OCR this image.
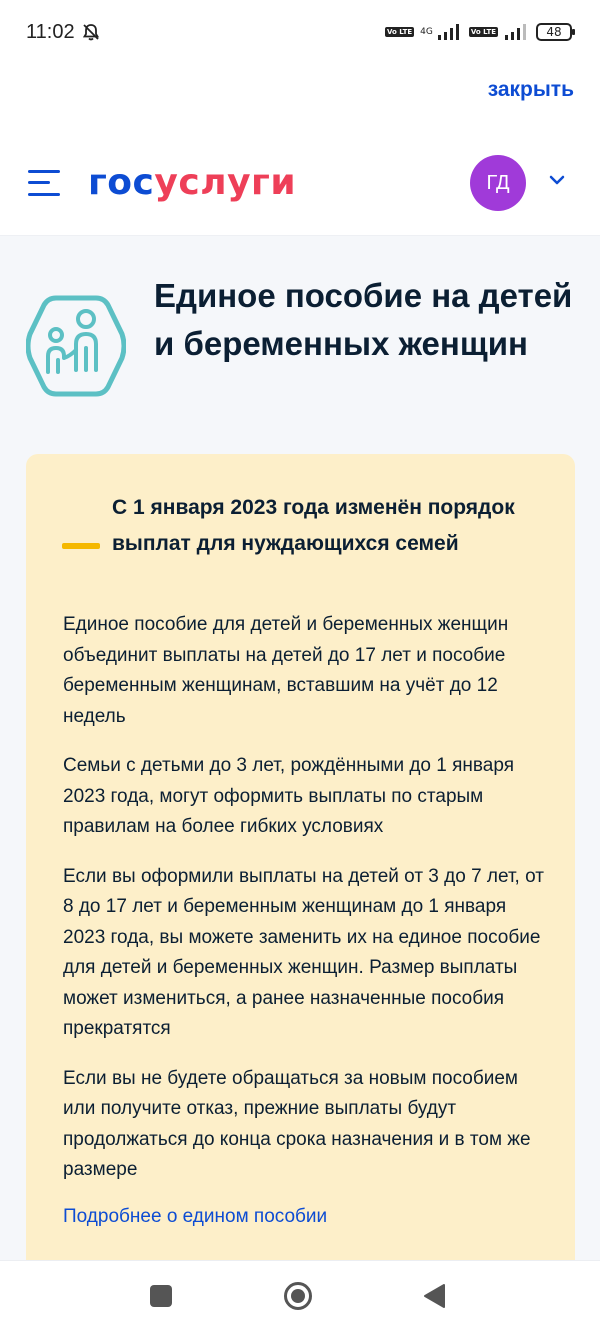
11:02	Vo LTE 4G	Vo LTE	48
закрыть
госуслуги	ГД
Единое пособие на детей и беременных женщин
С 1 января 2023 года изменён порядок выплат для нуждающихся семей

Единое пособие для детей и беременных женщин объединит выплаты на детей до 17 лет и пособие беременным женщинам, вставшим на учёт до 12 недель

Семьи с детьми до 3 лет, рождёнными до 1 января 2023 года, могут оформить выплаты по старым правилам на более гибких условиях

Если вы оформили выплаты на детей от 3 до 7 лет, от 8 до 17 лет и беременным женщинам до 1 января 2023 года, вы можете заменить их на единое пособие для детей и беременных женщин. Размер выплаты может измениться, а ранее назначенные пособия прекратятся

Если вы не будете обращаться за новым пособием или получите отказ, прежние выплаты будут продолжаться до конца срока назначения и в том же размере

Подробнее о едином пособии
